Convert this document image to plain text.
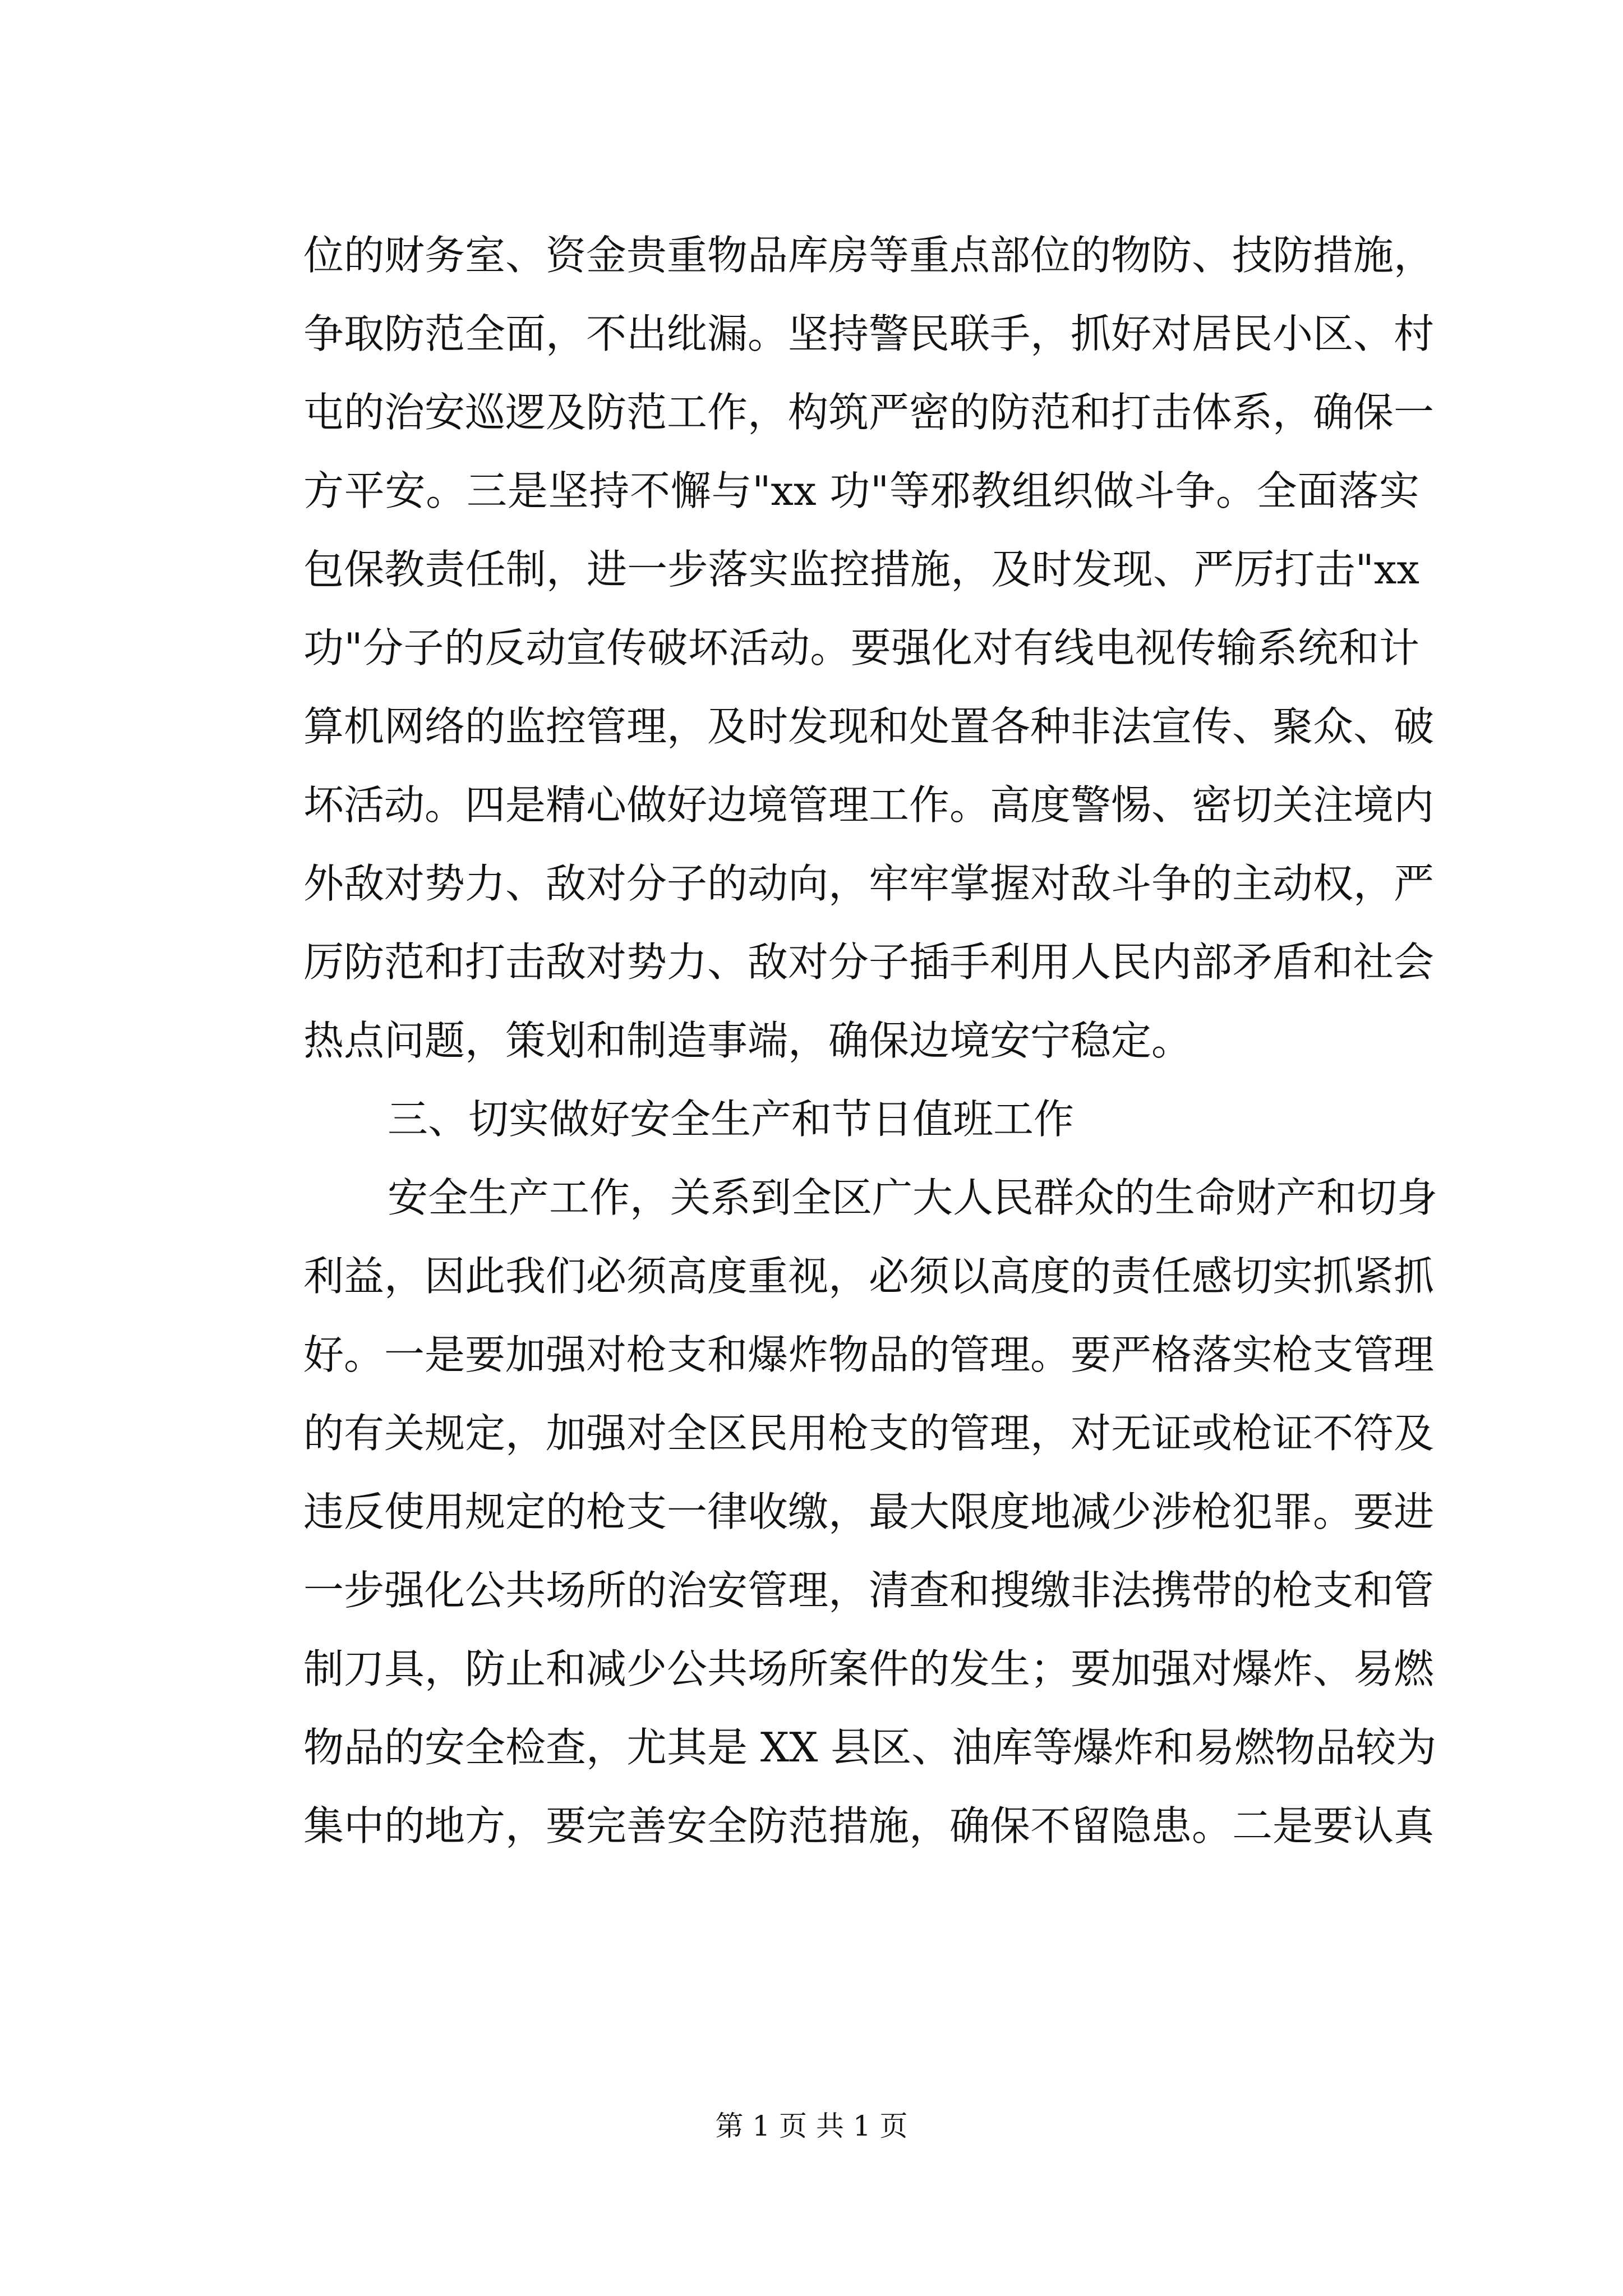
位的财务室、资金贵重物品库房等重点部位的物防、技防措施，
争取防范全面，不出纰漏。坚持警民联手，抓好对居民小区、村
屯的治安巡逻及防范工作，构筑严密的防范和打击体系，确保一
方平安。三是坚持不懈与"xx 功"等邪教组织做斗争。全面落实
包保教责任制，进一步落实监控措施，及时发现、严厉打击"xx
功"分子的反动宣传破坏活动。要强化对有线电视传输系统和计
算机网络的监控管理，及时发现和处置各种非法宣传、聚众、破
坏活动。四是精心做好边境管理工作。高度警惕、密切关注境内
外敌对势力、敌对分子的动向，牢牢掌握对敌斗争的主动权，严
厉防范和打击敌对势力、敌对分子插手利用人民内部矛盾和社会
热点问题，策划和制造事端，确保边境安宁稳定。
三、切实做好安全生产和节日值班工作
安全生产工作，关系到全区广大人民群众的生命财产和切身
利益，因此我们必须高度重视，必须以高度的责任感切实抓紧抓
好。一是要加强对枪支和爆炸物品的管理。要严格落实枪支管理
的有关规定，加强对全区民用枪支的管理，对无证或枪证不符及
违反使用规定的枪支一律收缴，最大限度地减少涉枪犯罪。要进
一步强化公共场所的治安管理，清查和搜缴非法携带的枪支和管
制刀具，防止和减少公共场所案件的发生；要加强对爆炸、易燃
物品的安全检查，尤其是 XX 县区、油库等爆炸和易燃物品较为
集中的地方，要完善安全防范措施，确保不留隐患。二是要认真
第 1 页 共 1 页
